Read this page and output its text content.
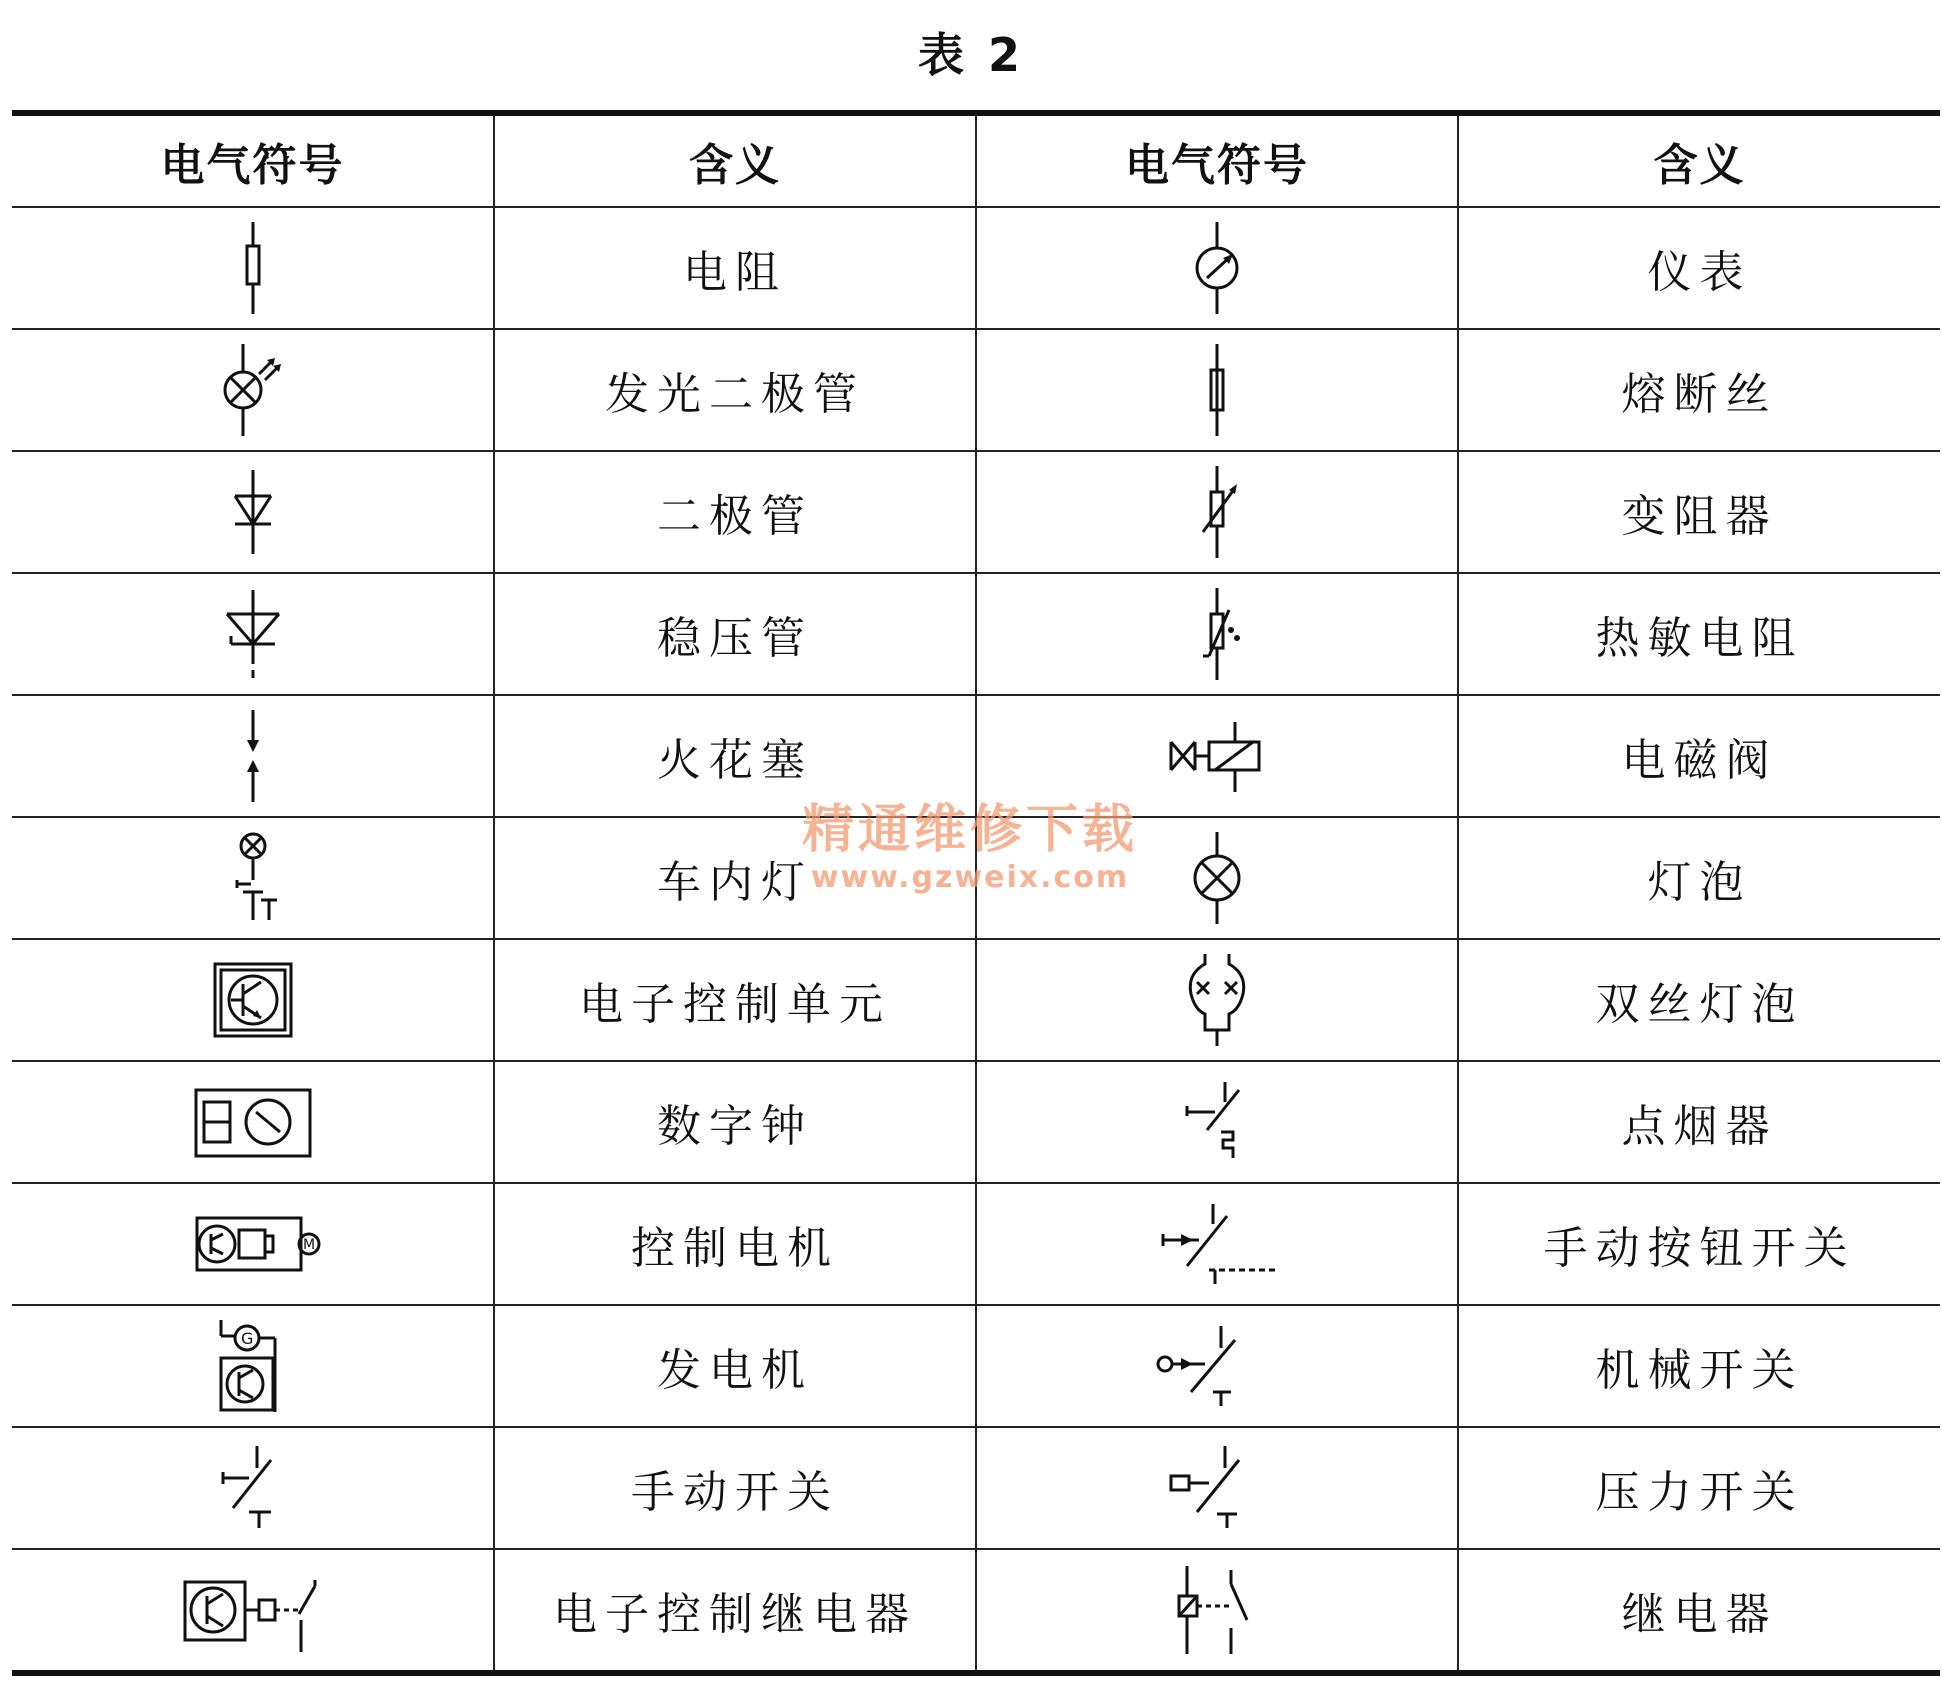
表 2
电气符号	含义	电气符号	含义

	电阻		仪表

	发光二极管		熔断丝

	二极管		变阻器

	稳压管		热敏电阻

	火花塞		电磁阀

	车内灯		灯泡

	电子控制单元		双丝灯泡

	数字钟		点烟器

M	控制电机		手动按钮开关

G	发电机		机械开关

	手动开关		压力开关

	电子控制继电器		继电器
精通维修下载
www.gzweix.com
